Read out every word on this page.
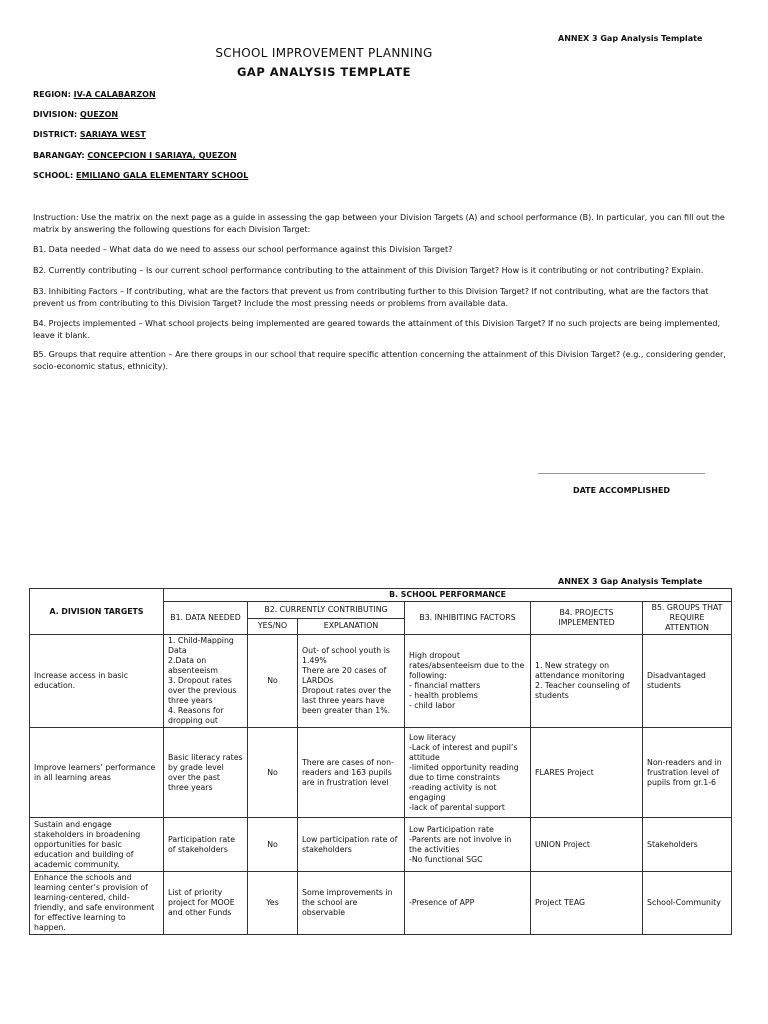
ANNEX 3 Gap Analysis Template
SCHOOL IMPROVEMENT PLANNING
GAP ANALYSIS TEMPLATE
REGION: IV-A CALABARZON
DIVISION: QUEZON
DISTRICT: SARIAYA WEST
BARANGAY: CONCEPCION I SARIAYA, QUEZON
SCHOOL: EMILIANO GALA ELEMENTARY SCHOOL
Instruction: Use the matrix on the next page as a guide in assessing the gap between your Division Targets (A) and school performance (B). In particular, you can fill out the matrix by answering the following questions for each Division Target:
B1. Data needed – What data do we need to assess our school performance against this Division Target?
B2. Currently contributing – Is our current school performance contributing to the attainment of this Division Target? How is it contributing or not contributing? Explain.
B3. Inhibiting Factors – If contributing, what are the factors that prevent us from contributing further to this Division Target? If not contributing, what are the factors that prevent us from contributing to this Division Target? Include the most pressing needs or problems from available data.
B4. Projects implemented – What school projects being implemented are geared towards the attainment of this Division Target? If no such projects are being implemented, leave it blank.
B5. Groups that require attention – Are there groups in our school that require specific attention concerning the attainment of this Division Target? (e.g., considering gender, socio-economic status, ethnicity).
DATE ACCOMPLISHED
ANNEX 3 Gap Analysis Template
A. DIVISION TARGETS	B. SCHOOL PERFORMANCE					
	B1. DATA NEEDED	B2. CURRENTLY CONTRIBUTING		B3. INHIBITING FACTORS	B4. PROJECTS IMPLEMENTED	B5. GROUPS THAT REQUIRE ATTENTION
		YES/NO	EXPLANATION			
Increase access in basic education.	1. Child-Mapping Data
2.Data on absenteeism
3. Dropout rates over the previous three years
4. Reasons for dropping out	No	Out- of school youth is 1.49%
There are 20 cases of LARDOs
Dropout rates over the last three years have been greater than 1%.	High dropout rates/absenteeism due to the following:
- financial matters
- health problems
- child labor	1. New strategy on attendance monitoring
2. Teacher counseling of students	Disadvantaged students
Improve learners’ performance in all learning areas	Basic literacy rates by grade level over the past three years	No	There are cases of non-readers and 163 pupils are in frustration level	Low literacy
-Lack of interest and pupil’s attitude
-limited opportunity reading due to time constraints
-reading activity is not engaging
-lack of parental support	FLARES Project	Non-readers and in frustration level of pupils from gr.1-6
Sustain and engage stakeholders in broadening opportunities for basic education and building of academic community.	Participation rate of stakeholders	No	Low participation rate of stakeholders	Low Participation rate
-Parents are not involve in the activities
-No functional SGC	UNION Project	Stakeholders
Enhance the schools and learning center’s provision of learning-centered, child-friendly, and safe environment for effective learning to happen.	List of priority project for MOOE and other Funds	Yes	Some improvements in the school are observable	-Presence of APP	Project TEAG	School-Community
